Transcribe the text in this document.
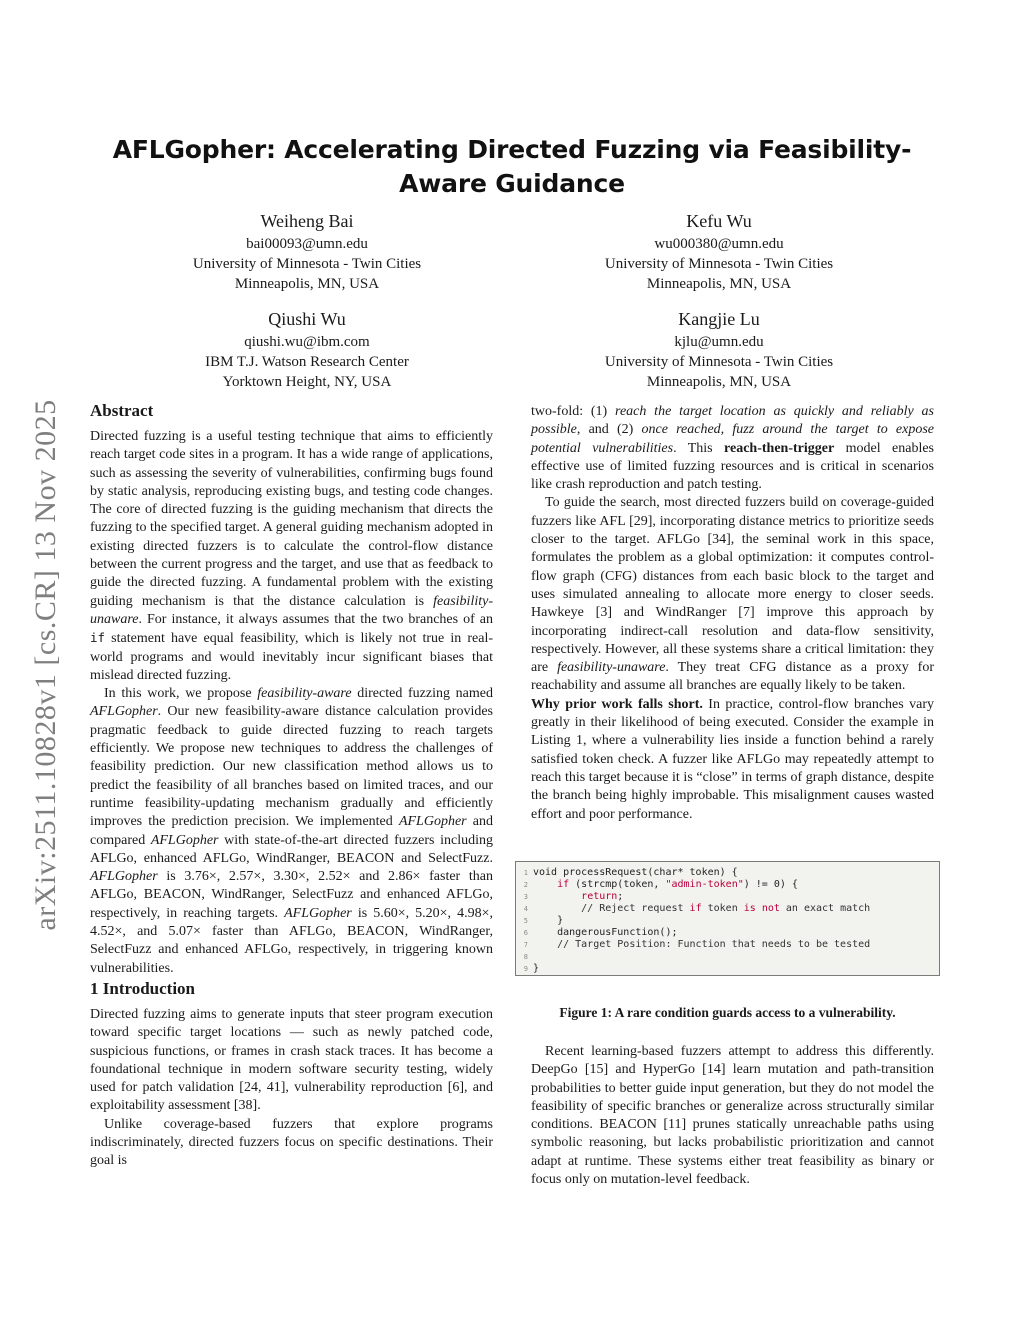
AFLGopher: Accelerating Directed Fuzzing via Feasibility-Aware Guidance
arXiv:2511.10828v1 [cs.CR] 13 Nov 2025
Weiheng Bai
bai00093@umn.edu
University of Minnesota - Twin Cities
Minneapolis, MN, USA
Kefu Wu
wu000380@umn.edu
University of Minnesota - Twin Cities
Minneapolis, MN, USA
Qiushi Wu
qiushi.wu@ibm.com
IBM T.J. Watson Research Center
Yorktown Height, NY, USA
Kangjie Lu
kjlu@umn.edu
University of Minnesota - Twin Cities
Minneapolis, MN, USA
Abstract

Directed fuzzing is a useful testing technique that aims to efficiently reach target code sites in a program. It has a wide range of applications, such as assessing the severity of vulnerabilities, confirming bugs found by static analysis, reproducing existing bugs, and testing code changes. The core of directed fuzzing is the guiding mechanism that directs the fuzzing to the specified target. A general guiding mechanism adopted in existing directed fuzzers is to calculate the control-flow distance between the current progress and the target, and use that as feedback to guide the directed fuzzing. A fundamental problem with the existing guiding mechanism is that the distance calculation is feasibility-unaware. For instance, it always assumes that the two branches of an if statement have equal feasibility, which is likely not true in real-world programs and would inevitably incur significant biases that mislead directed fuzzing.

In this work, we propose feasibility-aware directed fuzzing named AFLGopher. Our new feasibility-aware distance calculation provides pragmatic feedback to guide directed fuzzing to reach targets efficiently. We propose new techniques to address the challenges of feasibility prediction. Our new classification method allows us to predict the feasibility of all branches based on limited traces, and our runtime feasibility-updating mechanism gradually and efficiently improves the prediction precision. We implemented AFLGopher and compared AFLGopher with state-of-the-art directed fuzzers including AFLGo, enhanced AFLGo, WindRanger, BEACON and SelectFuzz. AFLGopher is 3.76×, 2.57×, 3.30×, 2.52× and 2.86× faster than AFLGo, BEACON, WindRanger, SelectFuzz and enhanced AFLGo, respectively, in reaching targets. AFLGopher is 5.60×, 5.20×, 4.98×, 4.52×, and 5.07× faster than AFLGo, BEACON, WindRanger, SelectFuzz and enhanced AFLGo, respectively, in triggering known vulnerabilities.

1 Introduction

Directed fuzzing aims to generate inputs that steer program execution toward specific target locations — such as newly patched code, suspicious functions, or frames in crash stack traces. It has become a foundational technique in modern software security testing, widely used for patch validation [24, 41], vulnerability reproduction [6], and exploitability assessment [38].

Unlike coverage-based fuzzers that explore programs indiscriminately, directed fuzzers focus on specific destinations. Their goal is

two-fold: (1) reach the target location as quickly and reliably as possible, and (2) once reached, fuzz around the target to expose potential vulnerabilities. This reach-then-trigger model enables effective use of limited fuzzing resources and is critical in scenarios like crash reproduction and patch testing.

To guide the search, most directed fuzzers build on coverage-guided fuzzers like AFL [29], incorporating distance metrics to prioritize seeds closer to the target. AFLGo [34], the seminal work in this space, formulates the problem as a global optimization: it computes control-flow graph (CFG) distances from each basic block to the target and uses simulated annealing to allocate more energy to closer seeds. Hawkeye [3] and WindRanger [7] improve this approach by incorporating indirect-call resolution and data-flow sensitivity, respectively. However, all these systems share a critical limitation: they are feasibility-unaware. They treat CFG distance as a proxy for reachability and assume all branches are equally likely to be taken.

Why prior work falls short. In practice, control-flow branches vary greatly in their likelihood of being executed. Consider the example in Listing 1, where a vulnerability lies inside a function behind a rarely satisfied token check. A fuzzer like AFLGo may repeatedly attempt to reach this target because it is “close” in terms of graph distance, despite the branch being highly improbable. This misalignment causes wasted effort and poor performance.

1 void processRequest(char* token) {
2	if (strcmp(token, "admin-token") != 0) {
3	return;
4 // Reject request if token is not an exact match
5 }
6 dangerousFunction();
7 // Target Position: Function that needs to be tested
8
9 }
Figure 1: A rare condition guards access to a vulnerability.

Recent learning-based fuzzers attempt to address this differently. DeepGo [15] and HyperGo [14] learn mutation and path-transition probabilities to better guide input generation, but they do not model the feasibility of specific branches or generalize across structurally similar conditions. BEACON [11] prunes statically unreachable paths using symbolic reasoning, but lacks probabilistic prioritization and cannot adapt at runtime. These systems either treat feasibility as binary or focus only on mutation-level feedback.
